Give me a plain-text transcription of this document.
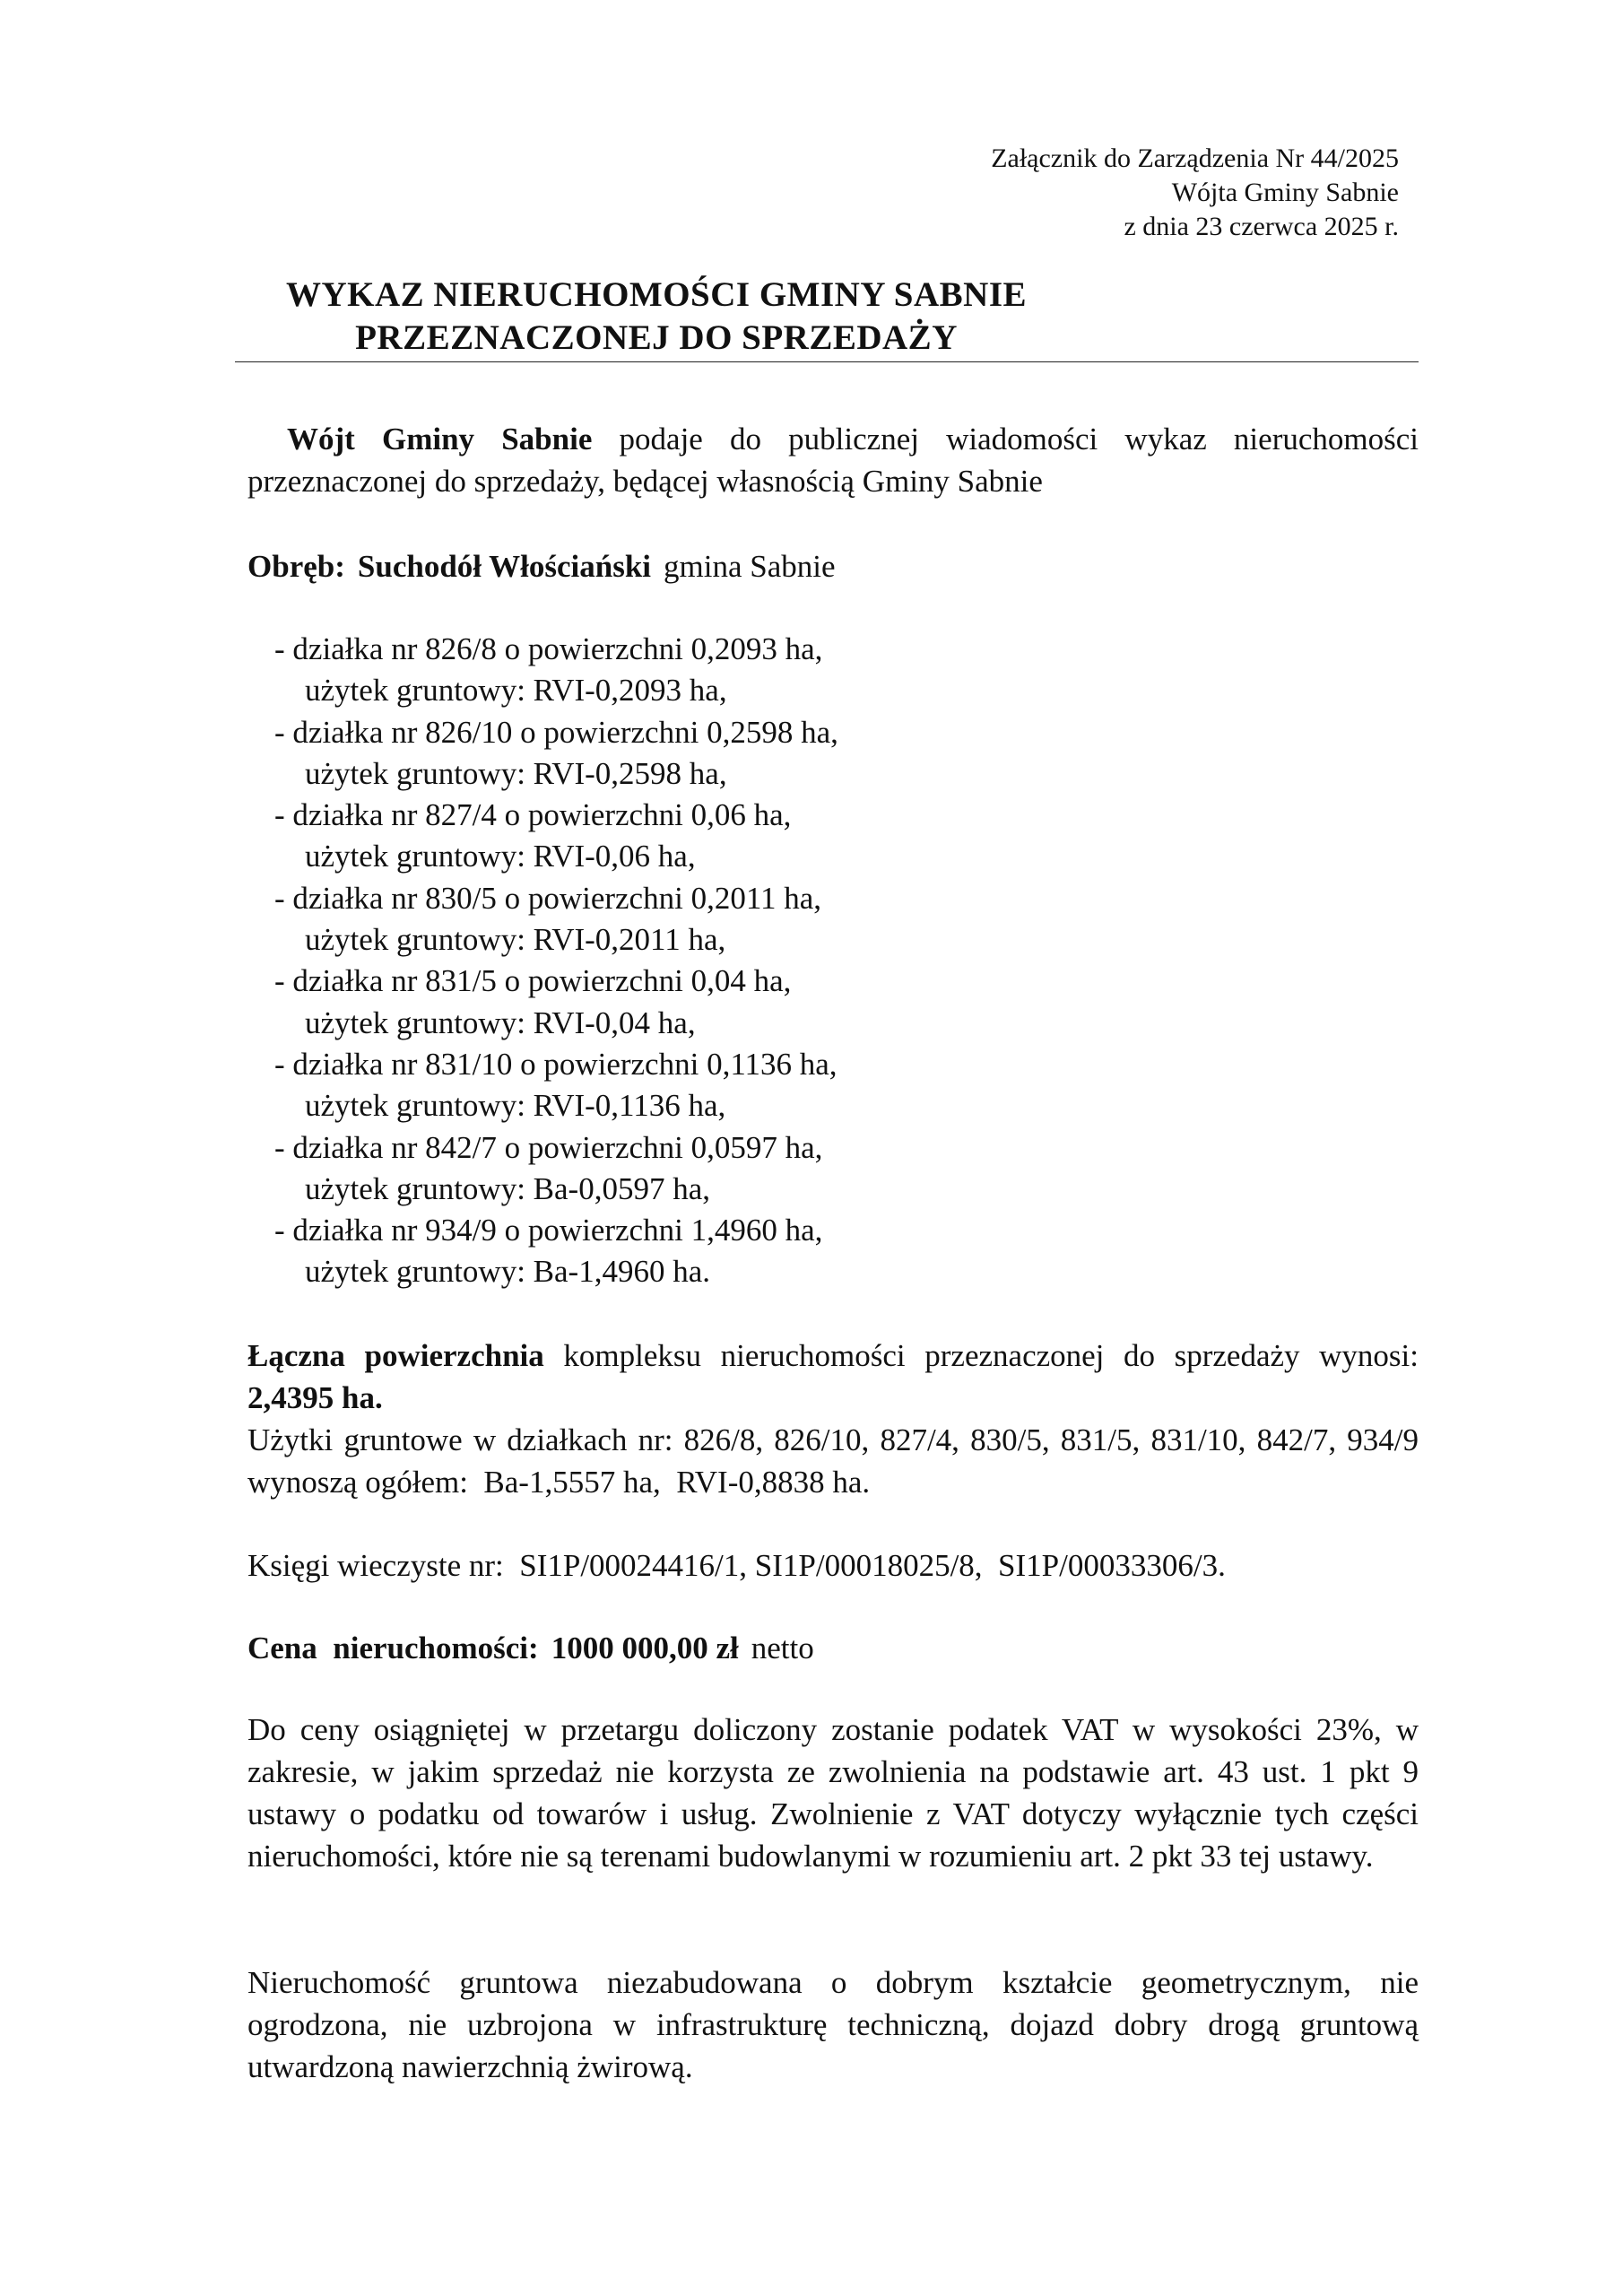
Załącznik do Zarządzenia Nr 44/2025
Wójta Gminy Sabnie
z dnia 23 czerwca 2025 r.
WYKAZ NIERUCHOMOŚCI GMINY SABNIE
PRZEZNACZONEJ DO SPRZEDAŻY
Wójt Gminy Sabnie podaje do publicznej wiadomości wykaz nieruchomości przeznaczonej do sprzedaży, będącej własnością Gminy Sabnie
Obręb: Suchodół Włościański gmina Sabnie
- działka nr 826/8 o powierzchni 0,2093 ha,
użytek gruntowy: RVI-0,2093 ha,
- działka nr 826/10 o powierzchni 0,2598 ha,
użytek gruntowy: RVI-0,2598 ha,
- działka nr 827/4 o powierzchni 0,06 ha,
użytek gruntowy: RVI-0,06 ha,
- działka nr 830/5 o powierzchni 0,2011 ha,
użytek gruntowy: RVI-0,2011 ha,
- działka nr 831/5 o powierzchni 0,04 ha,
użytek gruntowy: RVI-0,04 ha,
- działka nr 831/10 o powierzchni 0,1136 ha,
użytek gruntowy: RVI-0,1136 ha,
- działka nr 842/7 o powierzchni 0,0597 ha,
użytek gruntowy: Ba-0,0597 ha,
- działka nr 934/9 o powierzchni 1,4960 ha,
użytek gruntowy: Ba-1,4960 ha.
Łączna powierzchnia kompleksu nieruchomości przeznaczonej do sprzedaży wynosi: 2,4395 ha.
Użytki gruntowe w działkach nr: 826/8, 826/10, 827/4, 830/5, 831/5, 831/10, 842/7, 934/9  wynoszą ogółem:  Ba-1,5557 ha,  RVI-0,8838 ha.
Księgi wieczyste nr:  SI1P/00024416/1, SI1P/00018025/8,  SI1P/00033306/3.
Cena  nieruchomości: 1000 000,00 zł netto
Do ceny osiągniętej w przetargu doliczony zostanie podatek VAT w wysokości 23%, w zakresie, w jakim sprzedaż nie korzysta ze zwolnienia na podstawie art. 43 ust. 1 pkt 9 ustawy o podatku od towarów i usług. Zwolnienie z VAT dotyczy wyłącznie tych części nieruchomości, które nie są terenami budowlanymi w rozumieniu art. 2 pkt 33 tej ustawy.
Nieruchomość gruntowa niezabudowana o dobrym kształcie geometrycznym, nie ogrodzona, nie uzbrojona w infrastrukturę techniczną, dojazd dobry drogą gruntową utwardzoną nawierzchnią żwirową.
